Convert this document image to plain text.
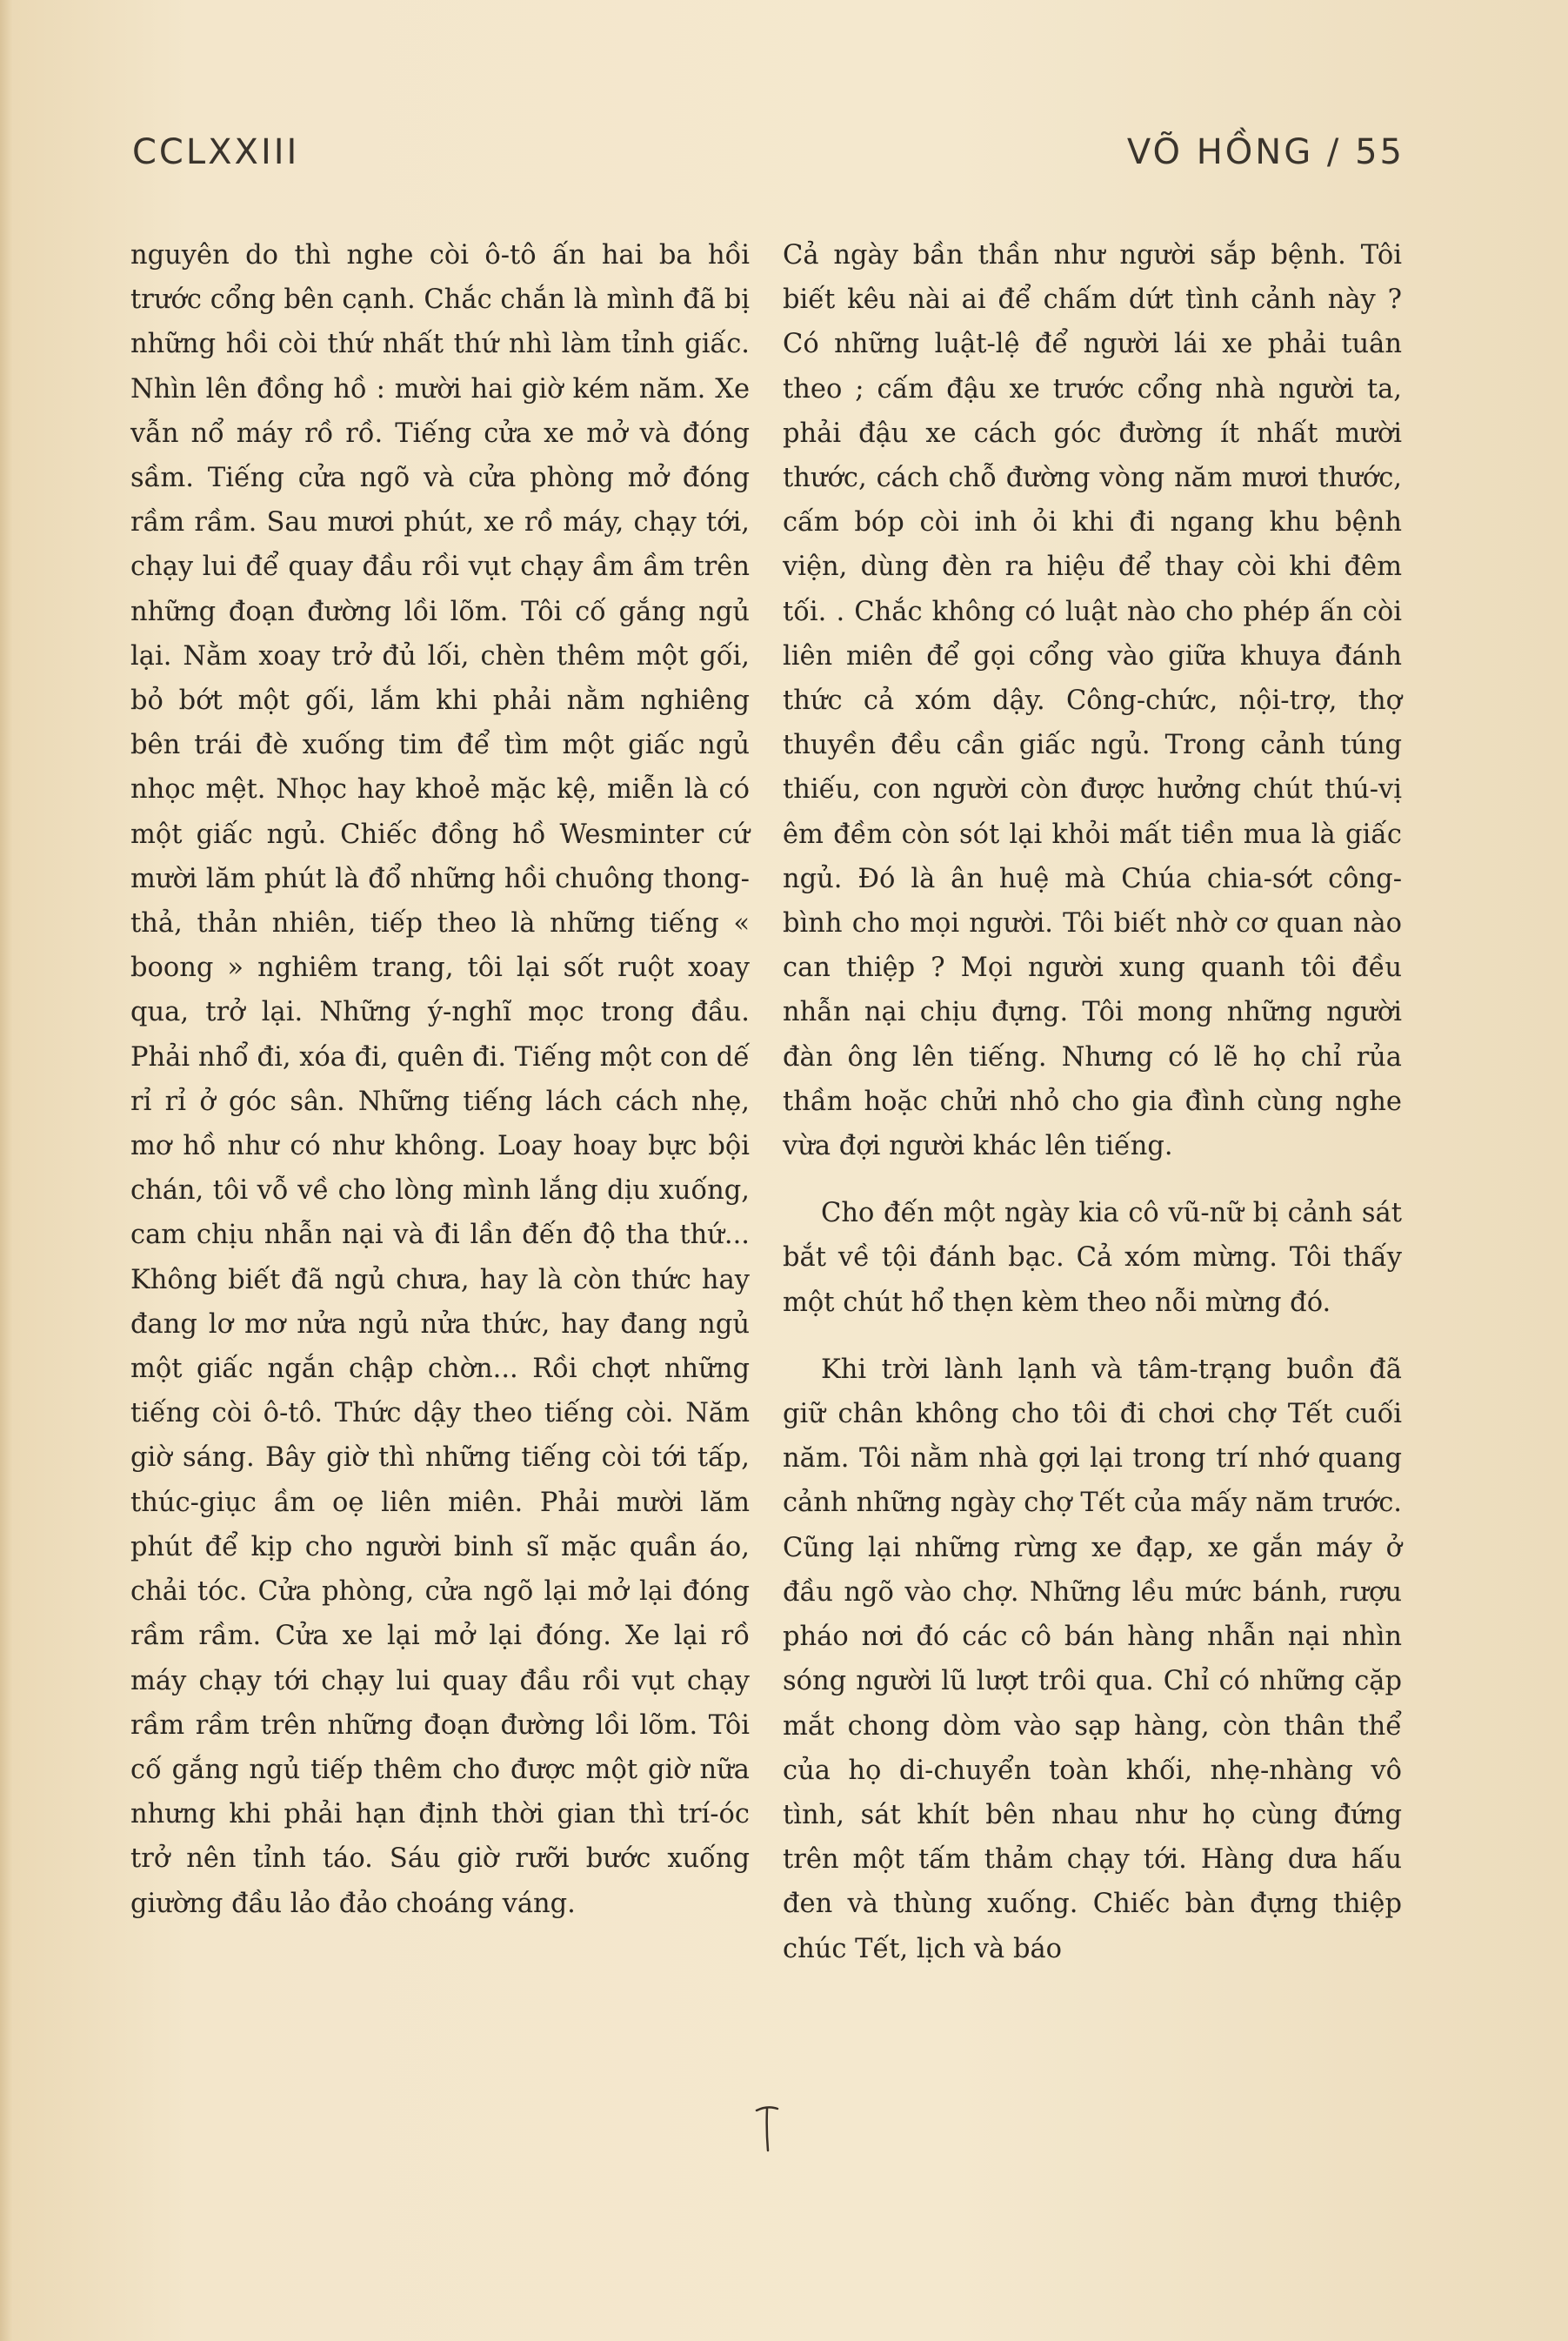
CCLXXIII	VÕ HỒNG / 55

nguyên do thì nghe còi ô-tô ấn hai ba hồi trước cổng bên cạnh. Chắc chắn là mình đã bị những hồi còi thứ nhất thứ nhì làm tỉnh giấc. Nhìn lên đồng hồ : mười hai giờ kém năm. Xe vẫn nổ máy rồ rồ. Tiếng cửa xe mở và đóng sầm. Tiếng cửa ngõ và cửa phòng mở đóng rầm rầm. Sau mươi phút, xe rồ máy, chạy tới, chạy lui để quay đầu rồi vụt chạy ầm ầm trên những đoạn đường lồi lõm. Tôi cố gắng ngủ lại. Nằm xoay trở đủ lối, chèn thêm một gối, bỏ bớt một gối, lắm khi phải nằm nghiêng bên trái đè xuống tim để tìm một giấc ngủ nhọc mệt. Nhọc hay khoẻ mặc kệ, miễn là có một giấc ngủ. Chiếc đồng hồ Wesminter cứ mười lăm phút là đổ những hồi chuông thong-thả, thản nhiên, tiếp theo là những tiếng « boong » nghiêm trang, tôi lại sốt ruột xoay qua, trở lại. Những ý-nghĩ mọc trong đầu. Phải nhổ đi, xóa đi, quên đi. Tiếng một con dế rỉ rỉ ở góc sân. Những tiếng lách cách nhẹ, mơ hồ như có như không. Loay hoay bực bội chán, tôi vỗ về cho lòng mình lắng dịu xuống, cam chịu nhẫn nại và đi lần đến độ tha thứ... Không biết đã ngủ chưa, hay là còn thức hay đang lơ mơ nửa ngủ nửa thức, hay đang ngủ một giấc ngắn chập chờn... Rồi chợt những tiếng còi ô-tô. Thức dậy theo tiếng còi. Năm giờ sáng. Bây giờ thì những tiếng còi tới tấp, thúc-giục ầm oẹ liên miên. Phải mười lăm phút để kịp cho người binh sĩ mặc quần áo, chải tóc. Cửa phòng, cửa ngõ lại mở lại đóng rầm rầm. Cửa xe lại mở lại đóng. Xe lại rồ máy chạy tới chạy lui quay đầu rồi vụt chạy rầm rầm trên những đoạn đường lồi lõm. Tôi cố gắng ngủ tiếp thêm cho được một giờ nữa nhưng khi phải hạn định thời gian thì trí-óc trở nên tỉnh táo. Sáu giờ rưỡi bước xuống giường đầu lảo đảo choáng váng.

Cả ngày bần thần như người sắp bệnh. Tôi biết kêu nài ai để chấm dứt tình cảnh này ? Có những luật-lệ để người lái xe phải tuân theo ; cấm đậu xe trước cổng nhà người ta, phải đậu xe cách góc đường ít nhất mười thước, cách chỗ đường vòng năm mươi thước, cấm bóp còi inh ỏi khi đi ngang khu bệnh viện, dùng đèn ra hiệu để thay còi khi đêm tối. . Chắc không có luật nào cho phép ấn còi liên miên để gọi cổng vào giữa khuya đánh thức cả xóm dậy. Công-chức, nội-trợ, thợ thuyền đều cần giấc ngủ. Trong cảnh túng thiếu, con người còn được hưởng chút thú-vị êm đềm còn sót lại khỏi mất tiền mua là giấc ngủ. Đó là ân huệ mà Chúa chia-sớt công-bình cho mọi người. Tôi biết nhờ cơ quan nào can thiệp ? Mọi người xung quanh tôi đều nhẫn nại chịu đựng. Tôi mong những người đàn ông lên tiếng. Nhưng có lẽ họ chỉ rủa thầm hoặc chửi nhỏ cho gia đình cùng nghe vừa đợi người khác lên tiếng.

Cho đến một ngày kia cô vũ-nữ bị cảnh sát bắt về tội đánh bạc. Cả xóm mừng. Tôi thấy một chút hổ thẹn kèm theo nỗi mừng đó.

Khi trời lành lạnh và tâm-trạng buồn đã giữ chân không cho tôi đi chơi chợ Tết cuối năm. Tôi nằm nhà gợi lại trong trí nhớ quang cảnh những ngày chợ Tết của mấy năm trước. Cũng lại những rừng xe đạp, xe gắn máy ở đầu ngõ vào chợ. Những lều mức bánh, rượu pháo nơi đó các cô bán hàng nhẫn nại nhìn sóng người lũ lượt trôi qua. Chỉ có những cặp mắt chong dòm vào sạp hàng, còn thân thể của họ di-chuyển toàn khối, nhẹ-nhàng vô tình, sát khít bên nhau như họ cùng đứng trên một tấm thảm chạy tới. Hàng dưa hấu đen và thùng xuống. Chiếc bàn đựng thiệp chúc Tết, lịch và báo
